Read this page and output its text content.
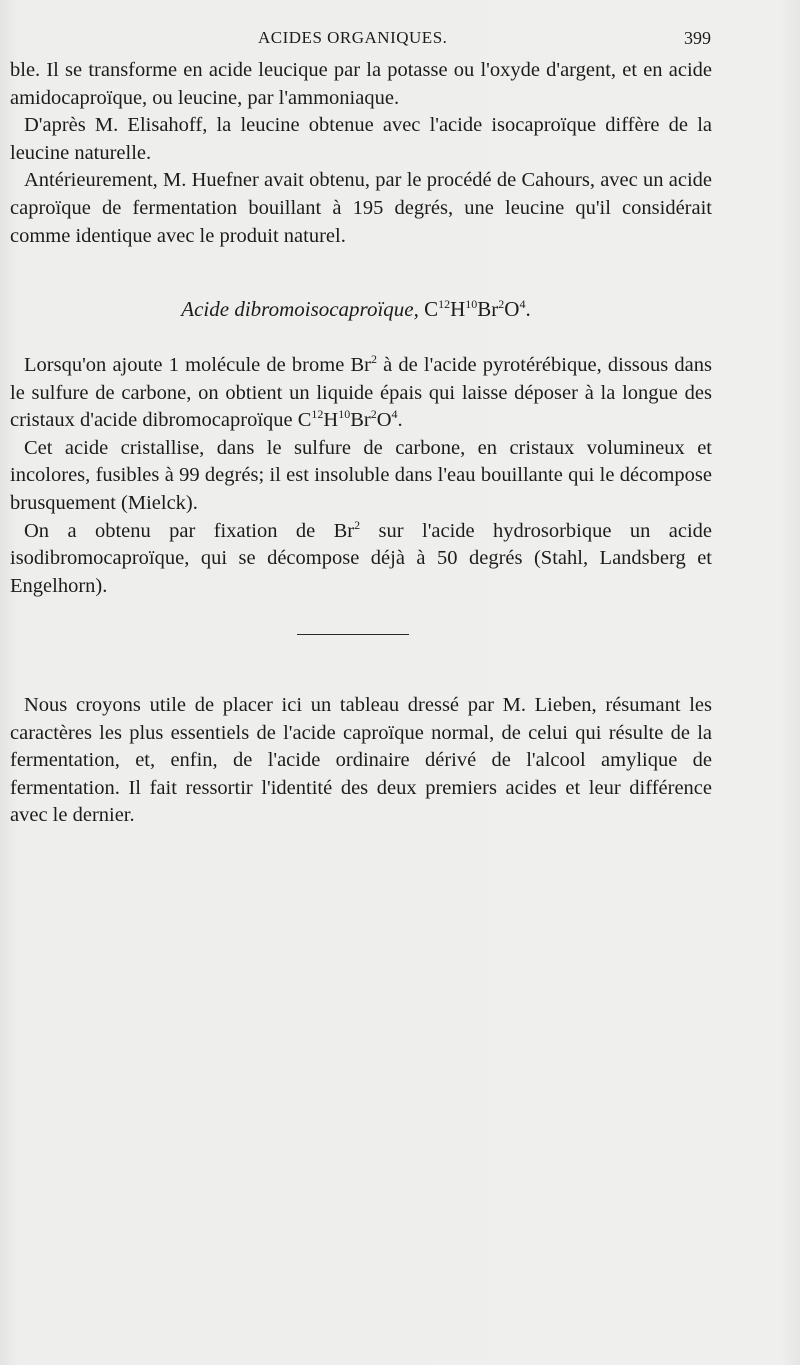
ACIDES ORGANIQUES.	399

ble. Il se transforme en acide leucique par la potasse ou l'oxyde d'argent, et en acide amidocaproïque, ou leucine, par l'ammoniaque.

D'après M. Elisahoff, la leucine obtenue avec l'acide isocaproïque diffère de la leucine naturelle.

Antérieurement, M. Huefner avait obtenu, par le procédé de Cahours, avec un acide caproïque de fermentation bouillant à 195 degrés, une leucine qu'il considérait comme identique avec le produit naturel.

Acide dibromoisocaproïque, $C^{12}H^{10}Br^2O^4$.

Lorsqu'on ajoute 1 molécule de brome Br$^2$ à de l'acide pyrotérébique, dissous dans le sulfure de carbone, on obtient un liquide épais qui laisse déposer à la longue des cristaux d'acide dibromocaproïque $C^{12}H^{10}Br^2O^4$.

Cet acide cristallise, dans le sulfure de carbone, en cristaux volumineux et incolores, fusibles à 99 degrés; il est insoluble dans l'eau bouillante qui le décompose brusquement (Mielck).

On a obtenu par fixation de Br$^2$ sur l'acide hydrosorbique un acide isodibromocaproïque, qui se décompose déjà à 50 degrés (Stahl, Landsberg et Engelhorn).

Nous croyons utile de placer ici un tableau dressé par M. Lieben, résumant les caractères les plus essentiels de l'acide caproïque normal, de celui qui résulte de la fermentation, et, enfin, de l'acide ordinaire dérivé de l'alcool amylique de fermentation. Il fait ressortir l'identité des deux premiers acides et leur différence avec le dernier.
